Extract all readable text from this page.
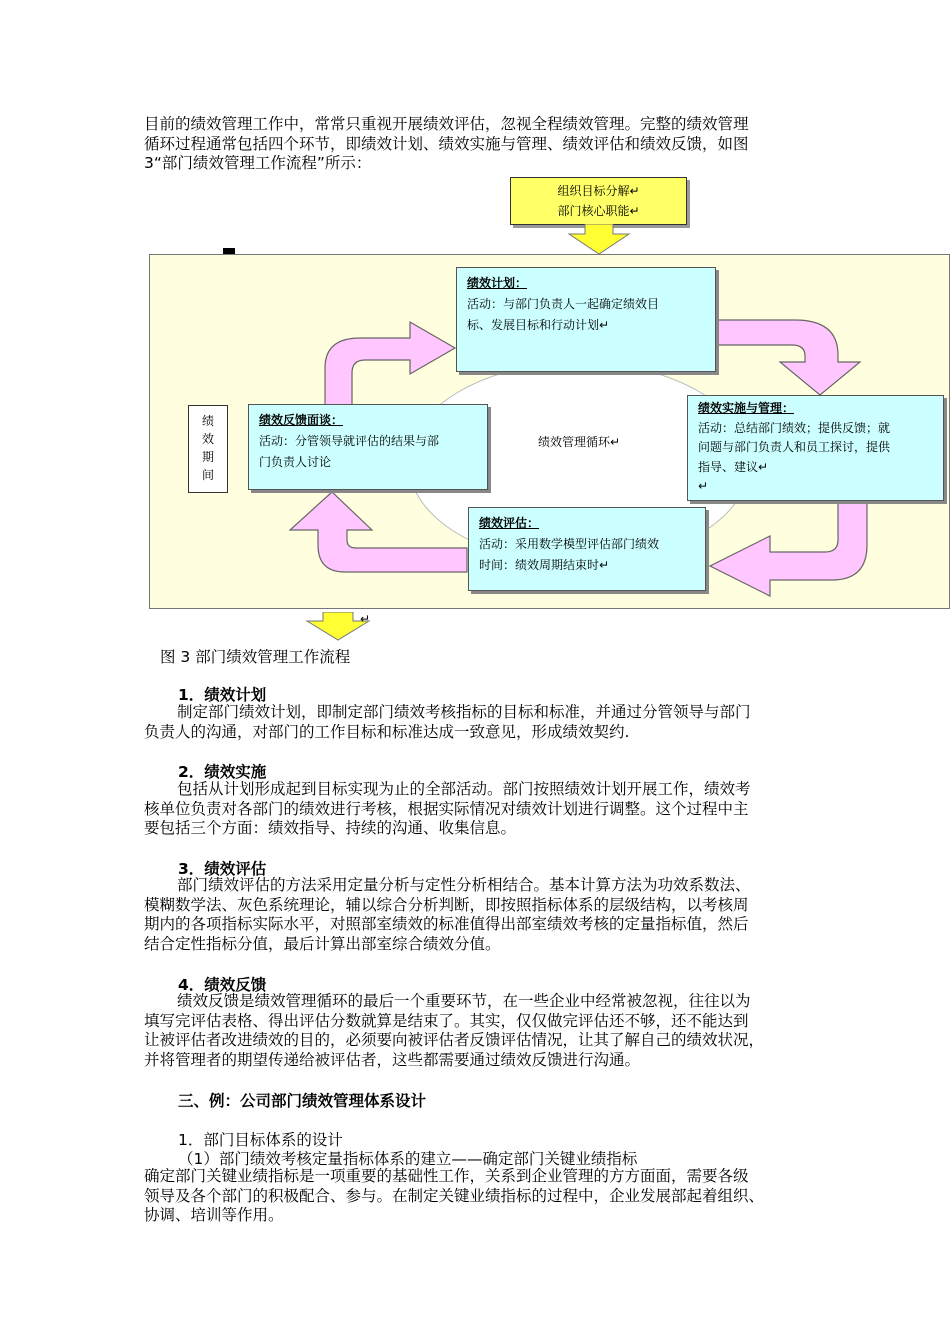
目前的绩效管理工作中，常常只重视开展绩效评估，忽视全程绩效管理。完整的绩效管理
循环过程通常包括四个环节，即绩效计划、绩效实施与管理、绩效评估和绩效反馈，如图
3“部门绩效管理工作流程”所示：
组织目标分解↵
部门核心职能↵
绩效管理循环↵
绩效计划：
活动：与部门负责人一起确定绩效目
标、发展目标和行动计划↵
绩效实施与管理：
活动：总结部门绩效；提供反馈；就
问题与部门负责人和员工探讨，提供
指导、建议↵
↵
绩效反馈面谈：
活动：分管领导就评估的结果与部
门负责人讨论
绩效评估：
活动：采用数学模型评估部门绩效
时间：绩效周期结束时↵
绩
效
期
间
↵
图 3 部门绩效管理工作流程
1．绩效计划
制定部门绩效计划，即制定部门绩效考核指标的目标和标准，并通过分管领导与部门
负责人的沟通，对部门的工作目标和标准达成一致意见，形成绩效契约.
2．绩效实施
包括从计划形成起到目标实现为止的全部活动。部门按照绩效计划开展工作，绩效考
核单位负责对各部门的绩效进行考核，根据实际情况对绩效计划进行调整。这个过程中主
要包括三个方面：绩效指导、持续的沟通、收集信息。
3．绩效评估
部门绩效评估的方法采用定量分析与定性分析相结合。基本计算方法为功效系数法、
模糊数学法、灰色系统理论，辅以综合分析判断，即按照指标体系的层级结构，以考核周
期内的各项指标实际水平，对照部室绩效的标准值得出部室绩效考核的定量指标值，然后
结合定性指标分值，最后计算出部室综合绩效分值。
4．绩效反馈
绩效反馈是绩效管理循环的最后一个重要环节，在一些企业中经常被忽视，往往以为
填写完评估表格、得出评估分数就算是结束了。其实，仅仅做完评估还不够，还不能达到
让被评估者改进绩效的目的，必须要向被评估者反馈评估情况，让其了解自己的绩效状况，
并将管理者的期望传递给被评估者，这些都需要通过绩效反馈进行沟通。
三、例：公司部门绩效管理体系设计
1．部门目标体系的设计
（1）部门绩效考核定量指标体系的建立——确定部门关键业绩指标
确定部门关键业绩指标是一项重要的基础性工作，关系到企业管理的方方面面，需要各级
领导及各个部门的积极配合、参与。在制定关键业绩指标的过程中，企业发展部起着组织、
协调、培训等作用。
